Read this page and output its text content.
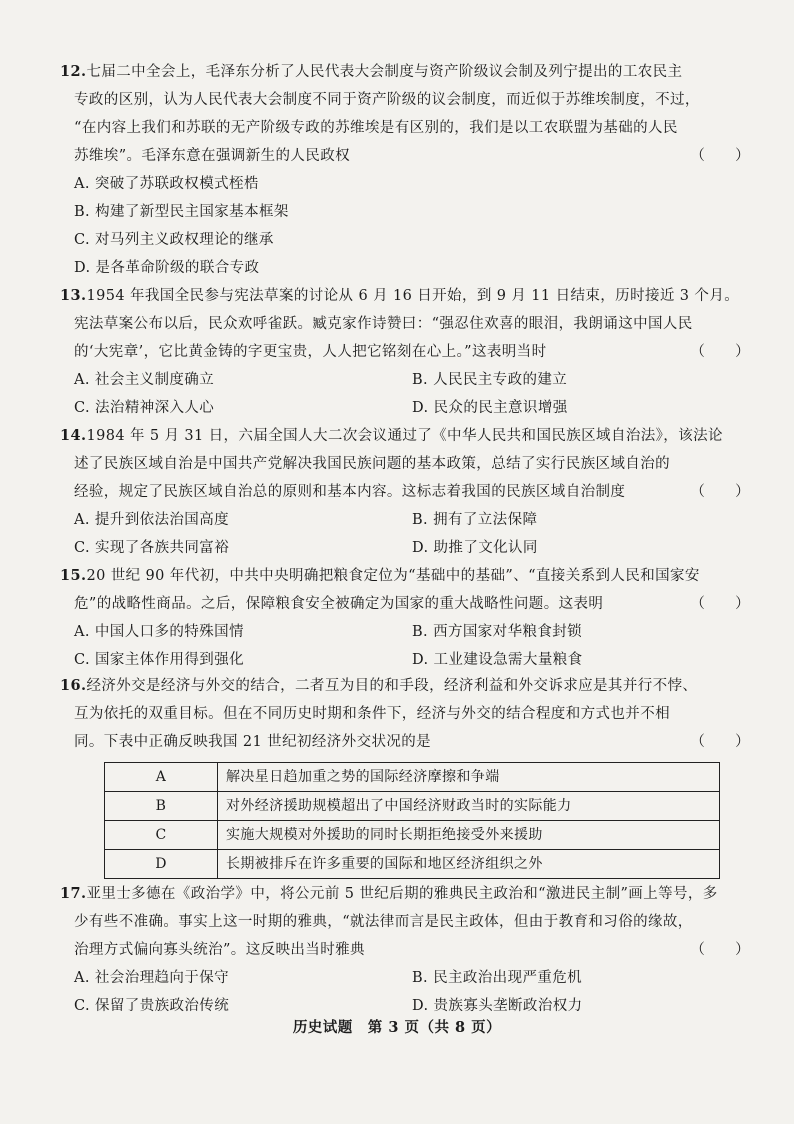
12.七届二中全会上，毛泽东分析了人民代表大会制度与资产阶级议会制及列宁提出的工农民主
专政的区别，认为人民代表大会制度不同于资产阶级的议会制度，而近似于苏维埃制度，不过，
“在内容上我们和苏联的无产阶级专政的苏维埃是有区别的，我们是以工农联盟为基础的人民
苏维埃”。毛泽东意在强调新生的人民政权	（　　）
A. 突破了苏联政权模式桎梏
B. 构建了新型民主国家基本框架
C. 对马列主义政权理论的继承
D. 是各革命阶级的联合专政
13.1954 年我国全民参与宪法草案的讨论从 6 月 16 日开始，到 9 月 11 日结束，历时接近 3 个月。
宪法草案公布以后，民众欢呼雀跃。臧克家作诗赞曰：“强忍住欢喜的眼泪，我朗诵这中国人民
的‘大宪章’，它比黄金铸的字更宝贵，人人把它铭刻在心上。”这表明当时	（　　）
A. 社会主义制度确立	B. 人民民主专政的建立
C. 法治精神深入人心	D. 民众的民主意识增强
14.1984 年 5 月 31 日，六届全国人大二次会议通过了《中华人民共和国民族区域自治法》，该法论
述了民族区域自治是中国共产党解决我国民族问题的基本政策，总结了实行民族区域自治的
经验，规定了民族区域自治总的原则和基本内容。这标志着我国的民族区域自治制度	（　　）
A. 提升到依法治国高度	B. 拥有了立法保障
C. 实现了各族共同富裕	D. 助推了文化认同
15.20 世纪 90 年代初，中共中央明确把粮食定位为“基础中的基础”、“直接关系到人民和国家安
危”的战略性商品。之后，保障粮食安全被确定为国家的重大战略性问题。这表明	（　　）
A. 中国人口多的特殊国情	B. 西方国家对华粮食封锁
C. 国家主体作用得到强化	D. 工业建设急需大量粮食
16.经济外交是经济与外交的结合，二者互为目的和手段，经济利益和外交诉求应是其并行不悖、
互为依托的双重目标。但在不同历史时期和条件下，经济与外交的结合程度和方式也并不相
同。下表中正确反映我国 21 世纪初经济外交状况的是	（　　）
A	解决星日趋加重之势的国际经济摩擦和争端
B	对外经济援助规模超出了中国经济财政当时的实际能力
C	实施大规模对外援助的同时长期拒绝接受外来援助
D	长期被排斥在许多重要的国际和地区经济组织之外
17.亚里士多德在《政治学》中，将公元前 5 世纪后期的雅典民主政治和“激进民主制”画上等号，多
少有些不准确。事实上这一时期的雅典，“就法律而言是民主政体，但由于教育和习俗的缘故，
治理方式偏向寡头统治”。这反映出当时雅典	（　　）
A. 社会治理趋向于保守	B. 民主政治出现严重危机
C. 保留了贵族政治传统	D. 贵族寡头垄断政治权力
历史试题　第 3 页（共 8 页）
